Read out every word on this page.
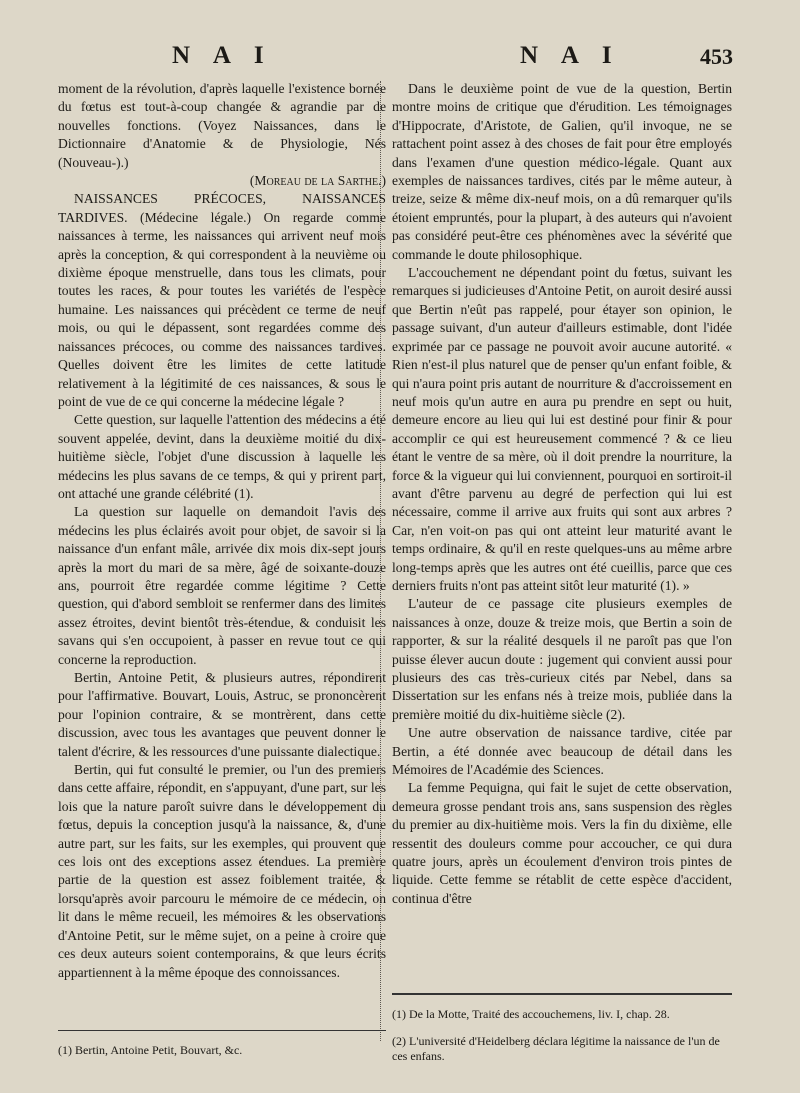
N A I	N A I	453

moment de la révolution, d'après laquelle l'existence bornée du fœtus est tout-à-coup changée & agrandie par de nouvelles fonctions. (Voyez Naissances, dans le Dictionnaire d'Anatomie & de Physiologie, Nés (Nouveau-).)

(Moreau de la Sarthe.)

NAISSANCES PRÉCOCES, NAISSANCES TARDIVES. (Médecine légale.) On regarde comme naissances à terme, les naissances qui arrivent neuf mois après la conception, & qui correspondent à la neuvième ou dixième époque menstruelle, dans tous les climats, pour toutes les races, & pour toutes les variétés de l'espèce humaine. Les naissances qui précèdent ce terme de neuf mois, ou qui le dépassent, sont regardées comme des naissances précoces, ou comme des naissances tardives. Quelles doivent être les limites de cette latitude relativement à la légitimité de ces naissances, & sous le point de vue de ce qui concerne la médecine légale ?

Cette question, sur laquelle l'attention des médecins a été souvent appelée, devint, dans la deuxième moitié du dix-huitième siècle, l'objet d'une discussion à laquelle les médecins les plus savans de ce temps, & qui y prirent part, ont attaché une grande célébrité (1).

La question sur laquelle on demandoit l'avis des médecins les plus éclairés avoit pour objet, de savoir si la naissance d'un enfant mâle, arrivée dix mois dix-sept jours après la mort du mari de sa mère, âgé de soixante-douze ans, pourroit être regardée comme légitime ? Cette question, qui d'abord sembloit se renfermer dans des limites assez étroites, devint bientôt très-étendue, & conduisit les savans qui s'en occupoient, à passer en revue tout ce qui concerne la reproduction.

Bertin, Antoine Petit, & plusieurs autres, répondirent pour l'affirmative. Bouvart, Louis, Astruc, se prononcèrent pour l'opinion contraire, & se montrèrent, dans cette discussion, avec tous les avantages que peuvent donner le talent d'écrire, & les ressources d'une puissante dialectique.

Bertin, qui fut consulté le premier, ou l'un des premiers dans cette affaire, répondit, en s'appuyant, d'une part, sur les lois que la nature paroît suivre dans le développement du fœtus, depuis la conception jusqu'à la naissance, &, d'une autre part, sur les faits, sur les exemples, qui prouvent que ces lois ont des exceptions assez étendues. La première partie de la question est assez foiblement traitée, & lorsqu'après avoir parcouru le mémoire de ce médecin, on lit dans le même recueil, les mémoires & les observations d'Antoine Petit, sur le même sujet, on a peine à croire que ces deux auteurs soient contemporains, & que leurs écrits appartiennent à la même époque des connoissances.

(1) Bertin, Antoine Petit, Bouvart, &c.

Dans le deuxième point de vue de la question, Bertin montre moins de critique que d'érudition. Les témoignages d'Hippocrate, d'Aristote, de Galien, qu'il invoque, ne se rattachent point assez à des choses de fait pour être employés dans l'examen d'une question médico-légale. Quant aux exemples de naissances tardives, cités par le même auteur, à treize, seize & même dix-neuf mois, on a dû remarquer qu'ils étoient empruntés, pour la plupart, à des auteurs qui n'avoient pas considéré peut-être ces phénomènes avec la sévérité que commande le doute philosophique.

L'accouchement ne dépendant point du fœtus, suivant les remarques si judicieuses d'Antoine Petit, on auroit desiré aussi que Bertin n'eût pas rappelé, pour étayer son opinion, le passage suivant, d'un auteur d'ailleurs estimable, dont l'idée exprimée par ce passage ne pouvoit avoir aucune autorité. « Rien n'est-il plus naturel que de penser qu'un enfant foible, & qui n'aura point pris autant de nourriture & d'accroissement en neuf mois qu'un autre en aura pu prendre en sept ou huit, demeure encore au lieu qui lui est destiné pour finir & pour accomplir ce qui est heureusement commencé ? & ce lieu étant le ventre de sa mère, où il doit prendre la nourriture, la force & la vigueur qui lui conviennent, pourquoi en sortiroit-il avant d'être parvenu au degré de perfection qui lui est nécessaire, comme il arrive aux fruits qui sont aux arbres ? Car, n'en voit-on pas qui ont atteint leur maturité avant le temps ordinaire, & qu'il en reste quelques-uns au même arbre long-temps après que les autres ont été cueillis, parce que ces derniers fruits n'ont pas atteint sitôt leur maturité (1). »

L'auteur de ce passage cite plusieurs exemples de naissances à onze, douze & treize mois, que Bertin a soin de rapporter, & sur la réalité desquels il ne paroît pas que l'on puisse élever aucun doute : jugement qui convient aussi pour plusieurs des cas très-curieux cités par Nebel, dans sa Dissertation sur les enfans nés à treize mois, publiée dans la première moitié du dix-huitième siècle (2).

Une autre observation de naissance tardive, citée par Bertin, a été donnée avec beaucoup de détail dans les Mémoires de l'Académie des Sciences.

La femme Pequigna, qui fait le sujet de cette observation, demeura grosse pendant trois ans, sans suspension des règles du premier au dix-huitième mois. Vers la fin du dixième, elle ressentit des douleurs comme pour accoucher, ce qui dura quatre jours, après un écoulement d'environ trois pintes de liquide. Cette femme se rétablit de cette espèce d'accident, continua d'être

(1) De la Motte, Traité des accouchemens, liv. I, chap. 28.

(2) L'université d'Heidelberg déclara légitime la naissance de l'un de ces enfans.
